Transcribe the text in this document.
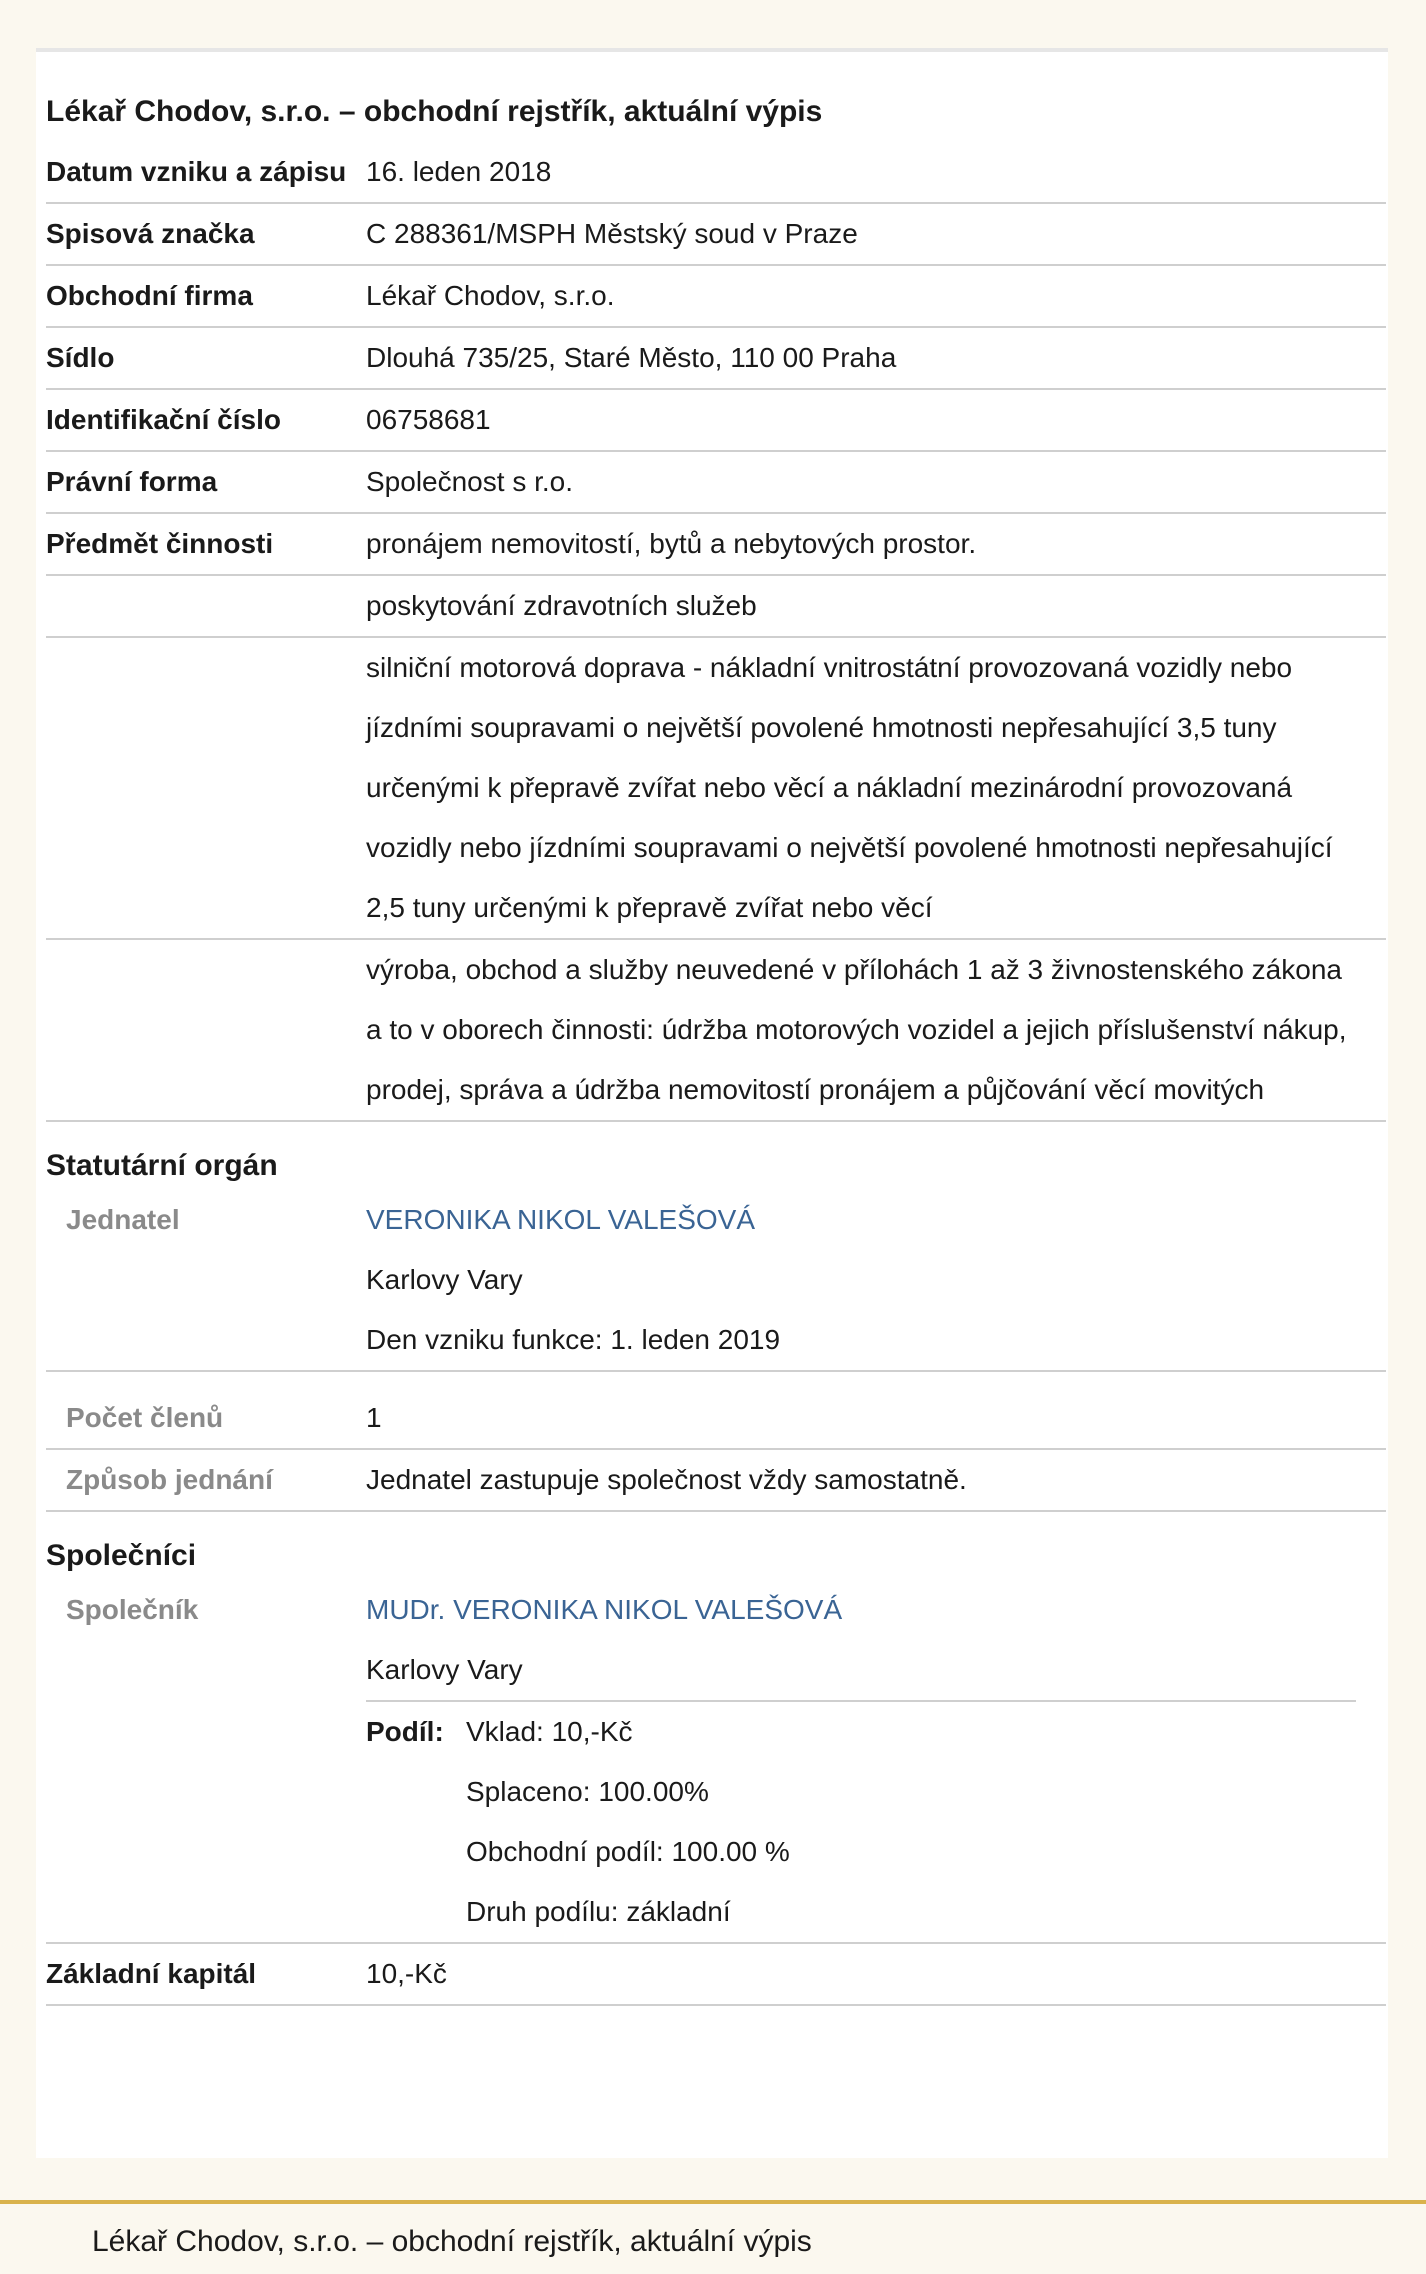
Lékař Chodov, s.r.o. – obchodní rejstřík, aktuální výpis
Datum vzniku a zápisu 16. leden 2018
Spisová značka	C 288361/MSPH Městský soud v Praze
Obchodní firma	Lékař Chodov, s.r.o.
Sídlo	Dlouhá 735/25, Staré Město, 110 00 Praha
Identifikační číslo	06758681
Právní forma	Společnost s r.o.
Předmět činnosti	pronájem nemovitostí, bytů a nebytových prostor.
poskytování zdravotních služeb
silniční motorová doprava - nákladní vnitrostátní provozovaná vozidly nebo jízdními soupravami o největší povolené hmotnosti nepřesahující 3,5 tuny určenými k přepravě zvířat nebo věcí a nákladní mezinárodní provozovaná vozidly nebo jízdními soupravami o největší povolené hmotnosti nepřesahující 2,5 tuny určenými k přepravě zvířat nebo věcí
výroba, obchod a služby neuvedené v přílohách 1 až 3 živnostenského zákona a to v oborech činnosti: údržba motorových vozidel a jejich příslušenství nákup, prodej, správa a údržba nemovitostí pronájem a půjčování věcí movitých
Statutární orgán
Jednatel	VERONIKA NIKOL VALEŠOVÁ
Karlovy Vary
Den vzniku funkce: 1. leden 2019
Počet členů	1
Způsob jednání	Jednatel zastupuje společnost vždy samostatně.
Společníci
Společník	MUDr. VERONIKA NIKOL VALEŠOVÁ
Karlovy Vary
Podíl: Vklad: 10,-Kč
Splaceno: 100.00%
Obchodní podíl: 100.00 %
Druh podílu: základní
Základní kapitál	10,-Kč
Lékař Chodov, s.r.o. – obchodní rejstřík, aktuální výpis
